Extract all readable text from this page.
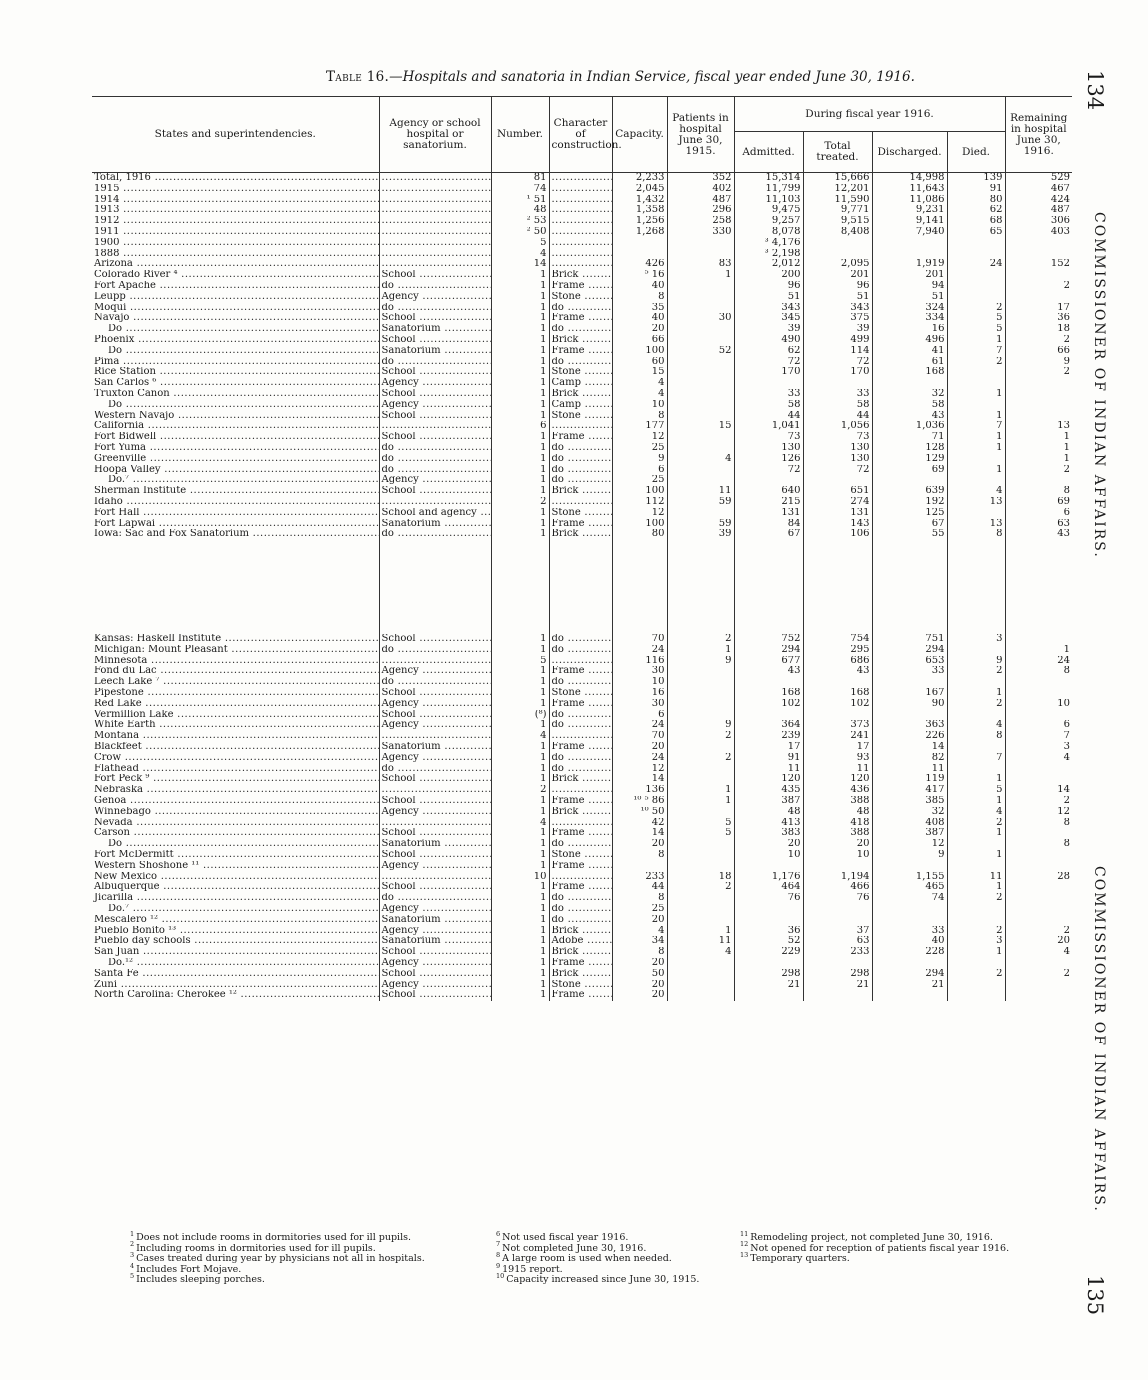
Table 16.—Hospitals and sanatoria in Indian Service, fiscal year ended June 30, 1916.	134
COMMISSIONER OF INDIAN AFFAIRS.
COMMISSIONER OF INDIAN AFFAIRS.
135
States and superintendencies.	Agency or school hospital or sanatorium.	Number.	Character of construction.	Capacity.	Patients in hospital June 30, 1915.	During fiscal year 1916.				Remaining in hospital June 30, 1916.
						Admitted.	Total treated.	Discharged.	Died.	
Total, 1916 .....	.....	81	.....	2,233	352	15,314	15,666	14,998	139	529
1915 .....	.....	74	.....	2,045	402	11,799	12,201	11,643	91	467
1914 .....	.....	¹ 51	.....	1,432	487	11,103	11,590	11,086	80	424
1913 .....	.....	48	.....	1,358	296	9,475	9,771	9,231	62	487
1912 .....	.....	² 53	.....	1,256	258	9,257	9,515	9,141	68	306
1911 .....	.....	² 50	.....	1,268	330	8,078	8,408	7,940	65	403
1900 .....	.....	5	.....			³ 4,176				
1888 .....	.....	4	.....			³ 2,198				
Arizona .....	.....	14	.....	426	83	2,012	2,095	1,919	24	152
Colorado River ⁴ .....	School .....	1	Brick .....	⁵ 16	1	200	201	201		
Fort Apache .....	do .....	1	Frame .....	40		96	96	94		2
Leupp .....	Agency .....	1	Stone .....	8		51	51	51		
Moqui .....	do .....	1	do .....	35		343	343	324	2	17
Navajo .....	School .....	1	Frame .....	40	30	345	375	334	5	36
Do .....	Sanatorium .....	1	do .....	20		39	39	16	5	18
Phoenix .....	School .....	1	Brick .....	66		490	499	496	1	2
Do .....	Sanatorium .....	1	Frame .....	100	52	62	114	41	7	66
Pima .....	do .....	1	do .....	60		72	72	61	2	9
Rice Station .....	School .....	1	Stone .....	15		170	170	168		2
San Carlos ⁶ .....	Agency .....	1	Camp .....	4						
Truxton Canon .....	School .....	1	Brick .....	4		33	33	32	1	
Do .....	Agency .....	1	Camp .....	10		58	58	58		
Western Navajo .....	School .....	1	Stone .....	8		44	44	43	1	
California .....	.....	6	.....	177	15	1,041	1,056	1,036	7	13
Fort Bidwell .....	School .....	1	Frame .....	12		73	73	71	1	1
Fort Yuma .....	do .....	1	do .....	25		130	130	128	1	1
Greenville .....	do .....	1	do .....	9	4	126	130	129		1
Hoopa Valley .....	do .....	1	do .....	6		72	72	69	1	2
Do.⁷ .....	Agency .....	1	do .....	25						
Sherman Institute .....	School .....	1	Brick .....	100	11	640	651	639	4	8
Idaho .....	.....	2	.....	112	59	215	274	192	13	69
Fort Hall .....	School and agency .....	1	Stone .....	12		131	131	125		6
Fort Lapwai .....	Sanatorium .....	1	Frame .....	100	59	84	143	67	13	63
Iowa: Sac and Fox Sanatorium .....	do .....	1	Brick .....	80	39	67	106	55	8	43

Kansas: Haskell Institute .....	School .....	1	do .....	70	2	752	754	751	3	
Michigan: Mount Pleasant .....	do .....	1	do .....	24	1	294	295	294		1
Minnesota .....	.....	5	.....	116	9	677	686	653	9	24
Fond du Lac .....	Agency .....	1	Frame .....	30		43	43	33	2	8
Leech Lake ⁷ .....	do .....	1	do .....	10						
Pipestone .....	School .....	1	Stone .....	16		168	168	167	1	
Red Lake .....	Agency .....	1	Frame .....	30		102	102	90	2	10
Vermillion Lake .....	School .....	(⁸)	do .....	6						
White Earth .....	Agency .....	1	do .....	24	9	364	373	363	4	6
Montana .....	.....	4	.....	70	2	239	241	226	8	7
Blackfeet .....	Sanatorium .....	1	Frame .....	20		17	17	14		3
Crow .....	Agency .....	1	do .....	24	2	91	93	82	7	4
Flathead .....	do .....	1	do .....	12		11	11	11		
Fort Peck ⁹ .....	School .....	1	Brick .....	14		120	120	119	1	
Nebraska .....	.....	2	.....	136	1	435	436	417	5	14
Genoa .....	School .....	1	Frame .....	¹⁰ ⁵ 86	1	387	388	385	1	2
Winnebago .....	Agency .....	1	Brick .....	¹⁰ 50		48	48	32	4	12
Nevada .....	.....	4	.....	42	5	413	418	408	2	8
Carson .....	School .....	1	Frame .....	14	5	383	388	387	1	
Do .....	Sanatorium .....	1	do .....	20		20	20	12		8
Fort McDermitt .....	School .....	1	Stone .....	8		10	10	9	1	
Western Shoshone ¹¹ .....	Agency .....	1	Frame .....							
New Mexico .....	.....	10	.....	233	18	1,176	1,194	1,155	11	28
Albuquerque .....	School .....	1	Frame .....	44	2	464	466	465	1	
Jicarilla .....	do .....	1	do .....	8		76	76	74	2	
Do.⁷ .....	Agency .....	1	do .....	25						
Mescalero ¹² .....	Sanatorium .....	1	do .....	20						
Pueblo Bonito ¹³ .....	Agency .....	1	Brick .....	4	1	36	37	33	2	2
Pueblo day schools .....	Sanatorium .....	1	Adobe .....	34	11	52	63	40	3	20
San Juan .....	School .....	1	Brick .....	8	4	229	233	228	1	4
Do.¹² .....	Agency .....	1	Frame .....	20						
Santa Fe .....	School .....	1	Brick .....	50		298	298	294	2	2
Zuni .....	Agency .....	1	Stone .....	20		21	21	21		
North Carolina: Cherokee ¹² .....	School .....	1	Frame .....	20						
$^1$ Does not include rooms in dormitories used for ill pupils.
$^2$ Including rooms in dormitories used for ill pupils.
$^3$ Cases treated during year by physicians not all in hospitals.
$^4$ Includes Fort Mojave.
$^5$ Includes sleeping porches.
$^6$ Not used fiscal year 1916.
$^7$ Not completed June 30, 1916.
$^8$ A large room is used when needed.
$^9$ 1915 report.
$^{10}$ Capacity increased since June 30, 1915.
$^{11}$ Remodeling project, not completed June 30, 1916.
$^{12}$ Not opened for reception of patients fiscal year 1916.
$^{13}$ Temporary quarters.
